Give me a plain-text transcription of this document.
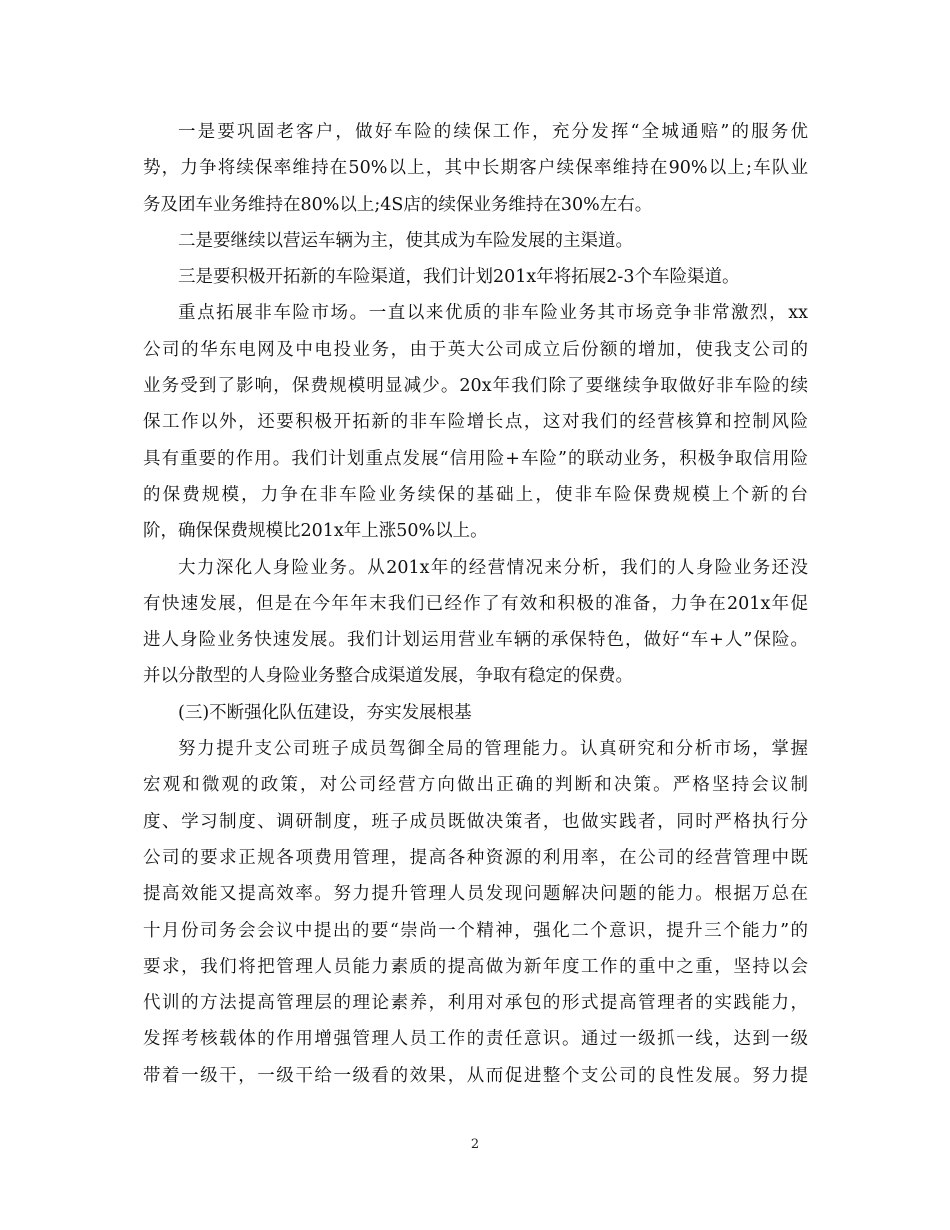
一是要巩固老客户，做好车险的续保工作，充分发挥“全城通赔”的服务优
势，力争将续保率维持在50%以上，其中长期客户续保率维持在90%以上;车队业
务及团车业务维持在80%以上;4S店的续保业务维持在30%左右。
二是要继续以营运车辆为主，使其成为车险发展的主渠道。
三是要积极开拓新的车险渠道，我们计划201x年将拓展2-3个车险渠道。
重点拓展非车险市场。一直以来优质的非车险业务其市场竞争非常激烈，xx
公司的华东电网及中电投业务，由于英大公司成立后份额的增加，使我支公司的
业务受到了影响，保费规模明显减少。20x年我们除了要继续争取做好非车险的续
保工作以外，还要积极开拓新的非车险增长点，这对我们的经营核算和控制风险
具有重要的作用。我们计划重点发展“信用险+车险”的联动业务，积极争取信用险
的保费规模，力争在非车险业务续保的基础上，使非车险保费规模上个新的台
阶，确保保费规模比201x年上涨50%以上。
大力深化人身险业务。从201x年的经营情况来分析，我们的人身险业务还没
有快速发展，但是在今年年末我们已经作了有效和积极的准备，力争在201x年促
进人身险业务快速发展。我们计划运用营业车辆的承保特色，做好“车+人”保险。
并以分散型的人身险业务整合成渠道发展，争取有稳定的保费。
(三)不断强化队伍建设，夯实发展根基
努力提升支公司班子成员驾御全局的管理能力。认真研究和分析市场，掌握
宏观和微观的政策，对公司经营方向做出正确的判断和决策。严格坚持会议制
度、学习制度、调研制度，班子成员既做决策者，也做实践者，同时严格执行分
公司的要求正规各项费用管理，提高各种资源的利用率，在公司的经营管理中既
提高效能又提高效率。努力提升管理人员发现问题解决问题的能力。根据万总在
十月份司务会会议中提出的要“崇尚一个精神，强化二个意识，提升三个能力”的
要求，我们将把管理人员能力素质的提高做为新年度工作的重中之重，坚持以会
代训的方法提高管理层的理论素养，利用对承包的形式提高管理者的实践能力，
发挥考核载体的作用增强管理人员工作的责任意识。通过一级抓一线，达到一级
带着一级干，一级干给一级看的效果，从而促进整个支公司的良性发展。努力提
2
